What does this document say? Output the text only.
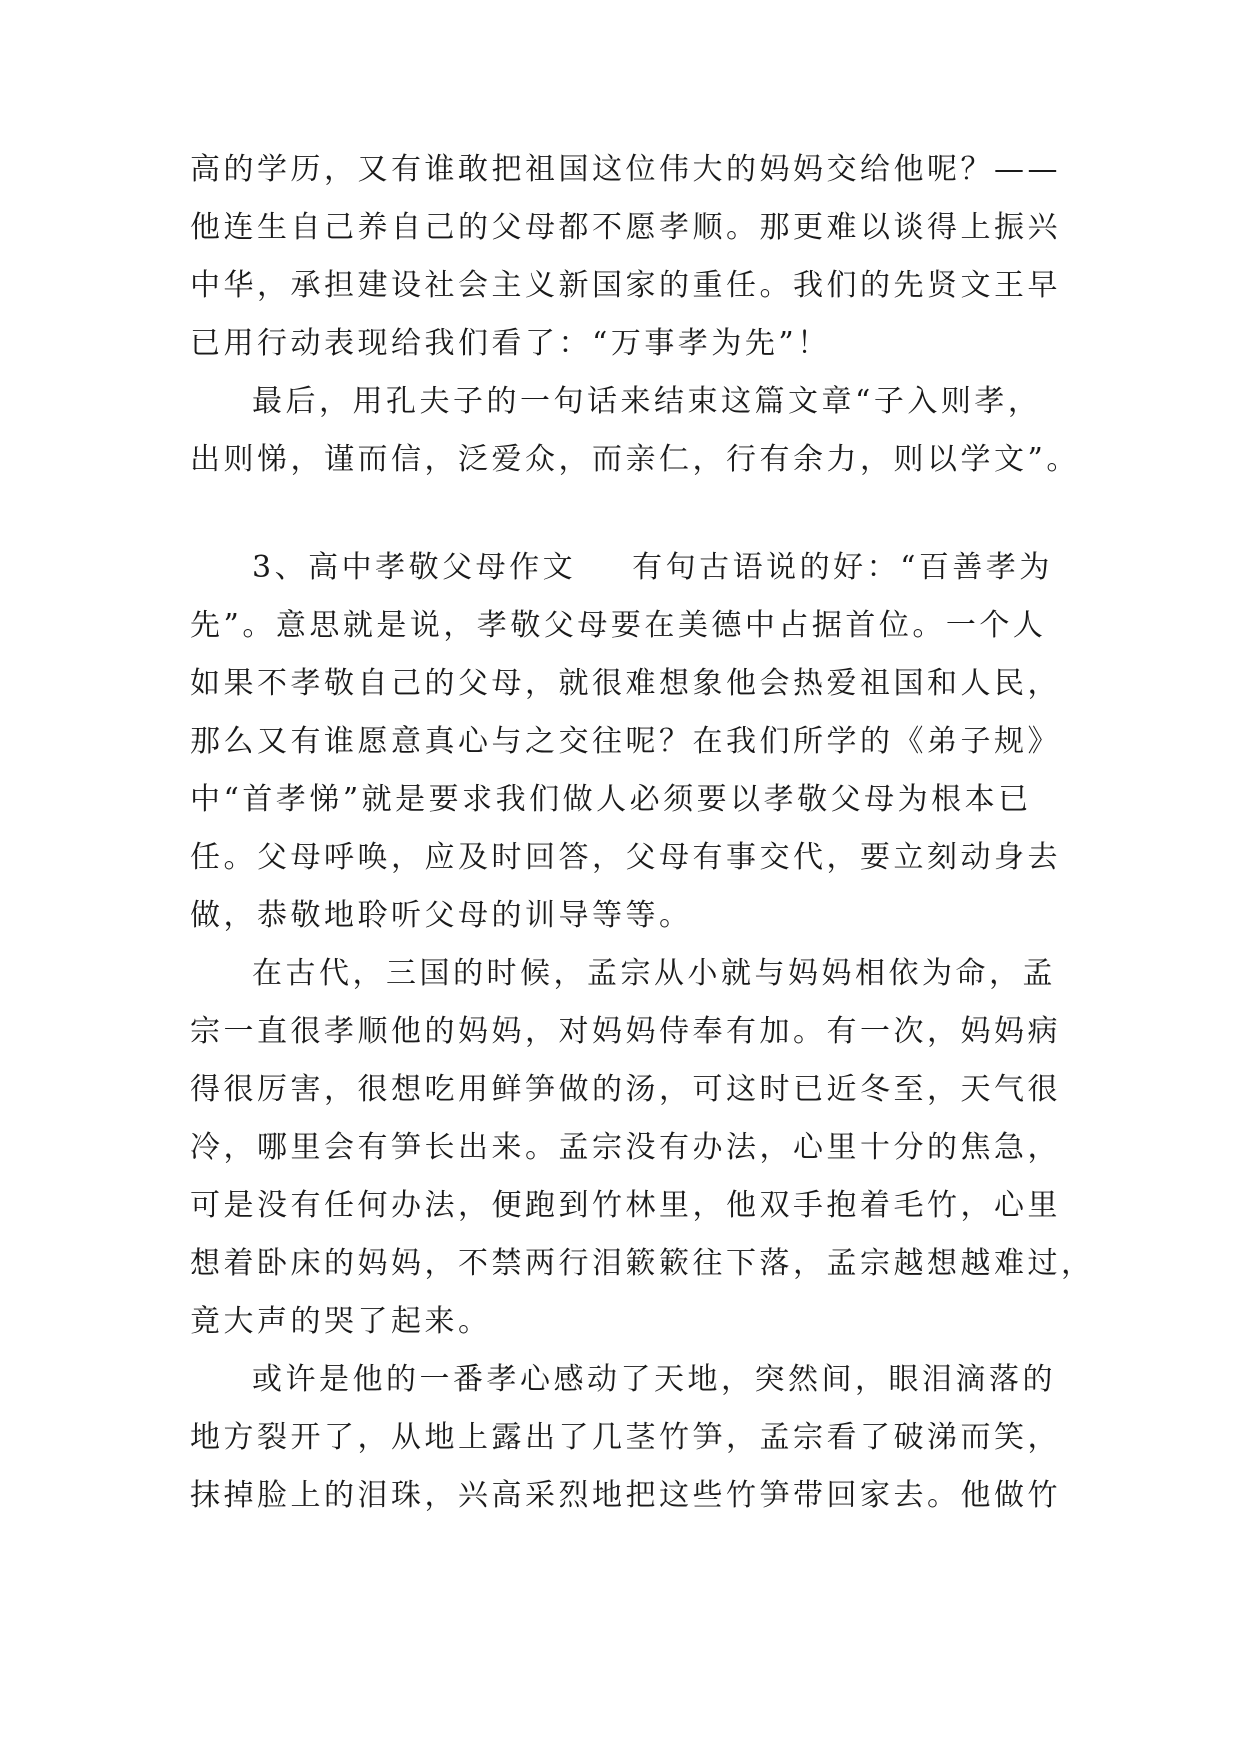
高的学历，又有谁敢把祖国这位伟大的妈妈交给他呢？——
他连生自己养自己的父母都不愿孝顺。那更难以谈得上振兴
中华，承担建设社会主义新国家的重任。我们的先贤文王早
已用行动表现给我们看了：“万事孝为先”！
最后，用孔夫子的一句话来结束这篇文章“子入则孝，
出则悌，谨而信，泛爱众，而亲仁，行有余力，则以学文”。
3、高中孝敬父母作文 有句古语说的好：“百善孝为
先”。意思就是说，孝敬父母要在美德中占据首位。一个人
如果不孝敬自己的父母，就很难想象他会热爱祖国和人民，
那么又有谁愿意真心与之交往呢？在我们所学的《弟子规》
中“首孝悌”就是要求我们做人必须要以孝敬父母为根本已
任。父母呼唤，应及时回答，父母有事交代，要立刻动身去
做，恭敬地聆听父母的训导等等。
在古代，三国的时候，孟宗从小就与妈妈相依为命，孟
宗一直很孝顺他的妈妈，对妈妈侍奉有加。有一次，妈妈病
得很厉害，很想吃用鲜笋做的汤，可这时已近冬至，天气很
冷，哪里会有笋长出来。孟宗没有办法，心里十分的焦急，
可是没有任何办法，便跑到竹林里，他双手抱着毛竹，心里
想着卧床的妈妈，不禁两行泪簌簌往下落，孟宗越想越难过，
竟大声的哭了起来。
或许是他的一番孝心感动了天地，突然间，眼泪滴落的
地方裂开了，从地上露出了几茎竹笋，孟宗看了破涕而笑，
抹掉脸上的泪珠，兴高采烈地把这些竹笋带回家去。他做竹
